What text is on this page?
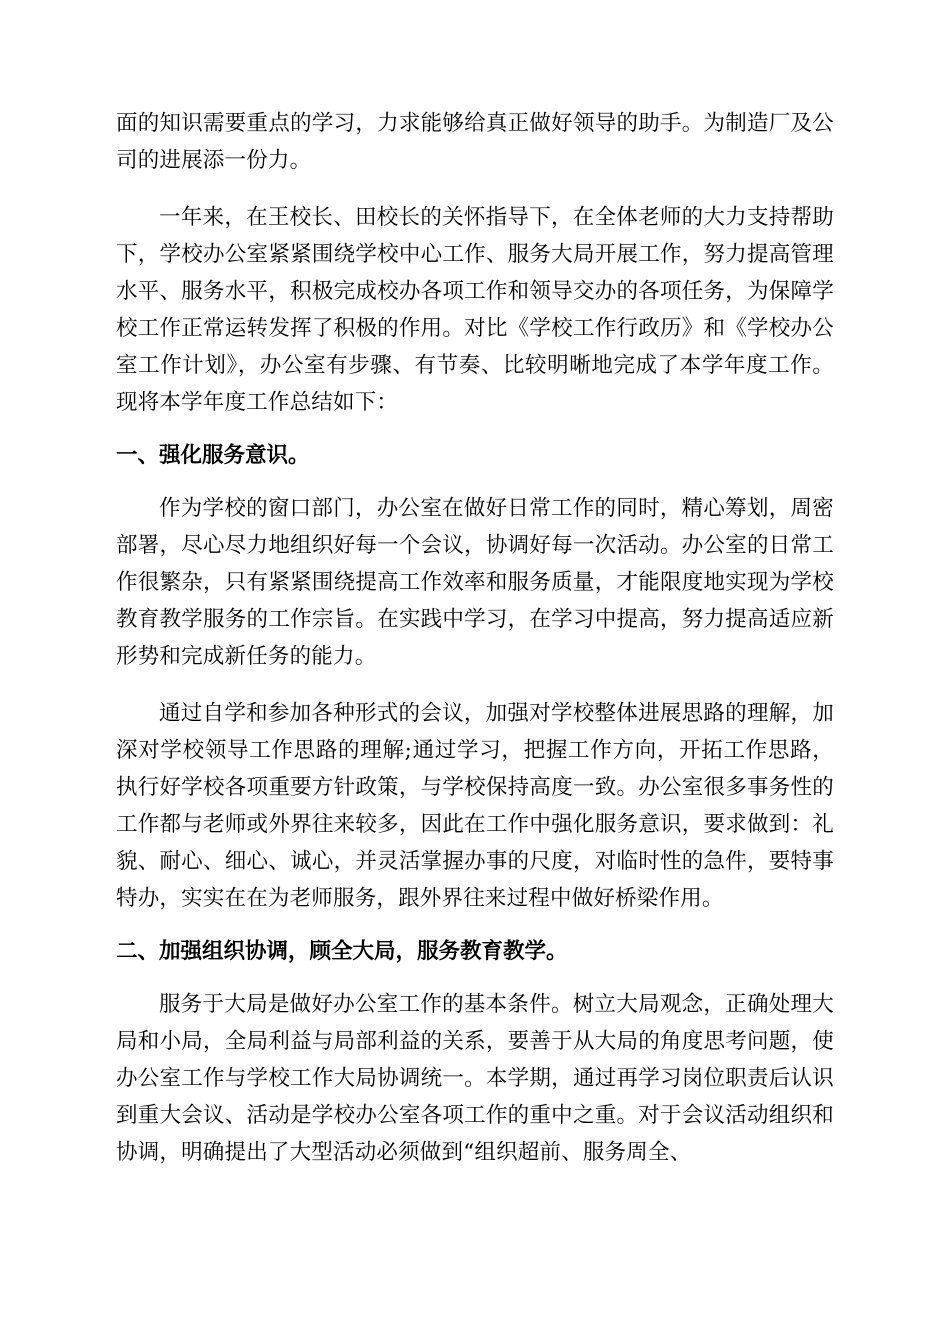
面的知识需要重点的学习，力求能够给真正做好领导的助手。为制造厂及公司的进展添一份力。

一年来，在王校长、田校长的关怀指导下，在全体老师的大力支持帮助下，学校办公室紧紧围绕学校中心工作、服务大局开展工作，努力提高管理水平、服务水平，积极完成校办各项工作和领导交办的各项任务，为保障学校工作正常运转发挥了积极的作用。对比《学校工作行政历》和《学校办公室工作计划》，办公室有步骤、有节奏、比较明晰地完成了本学年度工作。现将本学年度工作总结如下：

一、强化服务意识。

作为学校的窗口部门，办公室在做好日常工作的同时，精心筹划，周密部署，尽心尽力地组织好每一个会议，协调好每一次活动。办公室的日常工作很繁杂，只有紧紧围绕提高工作效率和服务质量，才能限度地实现为学校教育教学服务的工作宗旨。在实践中学习，在学习中提高，努力提高适应新形势和完成新任务的能力。

通过自学和参加各种形式的会议，加强对学校整体进展思路的理解，加深对学校领导工作思路的理解;通过学习，把握工作方向，开拓工作思路，执行好学校各项重要方针政策，与学校保持高度一致。办公室很多事务性的工作都与老师或外界往来较多，因此在工作中强化服务意识，要求做到：礼貌、耐心、细心、诚心，并灵活掌握办事的尺度，对临时性的急件，要特事特办，实实在在为老师服务，跟外界往来过程中做好桥梁作用。

二、加强组织协调，顾全大局，服务教育教学。

服务于大局是做好办公室工作的基本条件。树立大局观念，正确处理大局和小局，全局利益与局部利益的关系，要善于从大局的角度思考问题，使办公室工作与学校工作大局协调统一。本学期，通过再学习岗位职责后认识到重大会议、活动是学校办公室各项工作的重中之重。对于会议活动组织和协调，明确提出了大型活动必须做到“组织超前、服务周全、
